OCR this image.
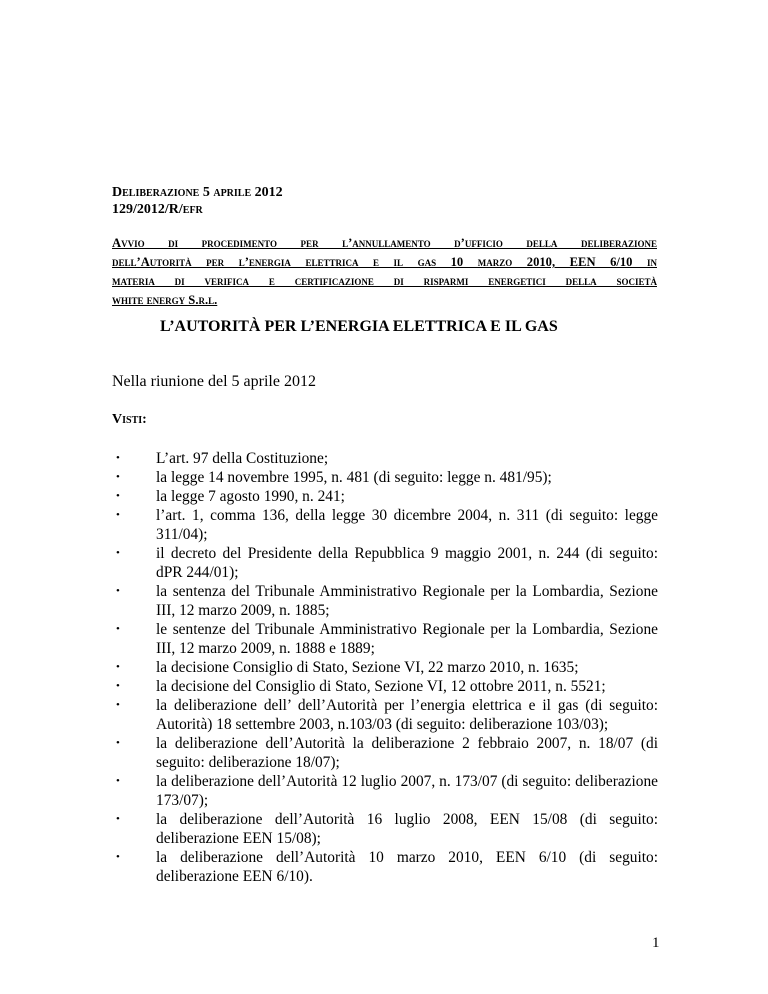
Deliberazione 5 aprile 2012
129/2012/R/efr
Avvio di procedimento per l’annullamento d’ufficio della deliberazione
dell’Autorità per l’energia elettrica e il gas 10 marzo 2010, EEN 6/10 in
materia di verifica e certificazione di risparmi energetici della società
white energy S.r.l.
L’AUTORITÀ PER L’ENERGIA ELETTRICA E IL GAS
Nella riunione del 5 aprile 2012
Visti:
• L’art. 97 della Costituzione;
• la legge 14 novembre 1995, n. 481 (di seguito: legge n. 481/95);
• la legge 7 agosto 1990, n. 241;
• l’art. 1, comma 136, della legge 30 dicembre 2004, n. 311 (di seguito: legge 311/04);
• il decreto del Presidente della Repubblica 9 maggio 2001, n. 244 (di seguito: dPR 244/01);
• la sentenza del Tribunale Amministrativo Regionale per la Lombardia, Sezione III, 12 marzo 2009, n. 1885;
• le sentenze del Tribunale Amministrativo Regionale per la Lombardia, Sezione III, 12 marzo 2009, n. 1888 e 1889;
• la decisione Consiglio di Stato, Sezione VI, 22 marzo 2010, n. 1635;
• la decisione del Consiglio di Stato, Sezione VI, 12 ottobre 2011, n. 5521;
• la deliberazione dell’ dell’Autorità per l’energia elettrica e il gas (di seguito: Autorità) 18 settembre 2003, n.103/03 (di seguito: deliberazione 103/03);
• la deliberazione dell’Autorità la deliberazione 2 febbraio 2007, n. 18/07 (di seguito: deliberazione 18/07);
• la deliberazione dell’Autorità 12 luglio 2007, n. 173/07 (di seguito: deliberazione 173/07);
• la deliberazione dell’Autorità 16 luglio 2008, EEN 15/08 (di seguito: deliberazione EEN 15/08);
• la deliberazione dell’Autorità 10 marzo 2010, EEN 6/10 (di seguito: deliberazione EEN 6/10).
1
